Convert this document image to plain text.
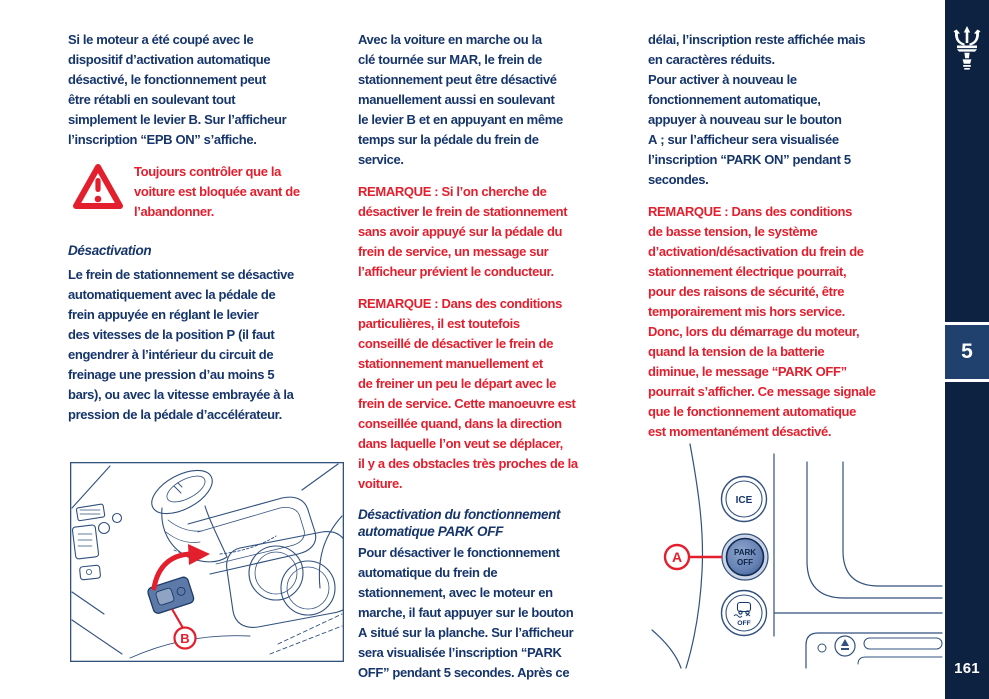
Si le moteur a été coupé avec le
dispositif d’activation automatique
désactivé, le fonctionnement peut
être rétabli en soulevant tout
simplement le levier B. Sur l’afficheur
l’inscription “EPB ON” s’affiche.

Toujours contrôler que la
voiture est bloquée avant de
l’abandonner.
Désactivation

Le frein de stationnement se désactive
automatiquement avec la pédale de
frein appuyée en réglant le levier
des vitesses de la position P (il faut
engendrer à l’intérieur du circuit de
freinage une pression d’au moins 5
bars), ou avec la vitesse embrayée à la
pression de la pédale d’accélérateur.

Avec la voiture en marche ou la
clé tournée sur MAR, le frein de
stationnement peut être désactivé
manuellement aussi en soulevant
le levier B et en appuyant en même
temps sur la pédale du frein de
service.

REMARQUE : Si l’on cherche de
désactiver le frein de stationnement
sans avoir appuyé sur la pédale du
frein de service, un message sur
l’afficheur prévient le conducteur.

REMARQUE : Dans des conditions
particulières, il est toutefois
conseillé de désactiver le frein de
stationnement manuellement et
de freiner un peu le départ avec le
frein de service. Cette manoeuvre est
conseillée quand, dans la direction
dans laquelle l’on veut se déplacer,
il y a des obstacles très proches de la
voiture.

Désactivation du fonctionnement
automatique PARK OFF

Pour désactiver le fonctionnement
automatique du frein de
stationnement, avec le moteur en
marche, il faut appuyer sur le bouton
A situé sur la planche. Sur l’afficheur
sera visualisée l’inscription “PARK
OFF” pendant 5 secondes. Après ce

délai, l’inscription reste affichée mais
en caractères réduits.
Pour activer à nouveau le
fonctionnement automatique,
appuyer à nouveau sur le bouton
A ; sur l’afficheur sera visualisée
l’inscription “PARK ON” pendant 5
secondes.

REMARQUE : Dans des conditions
de basse tension, le système
d’activation/désactivation du frein de
stationnement électrique pourrait,
pour des raisons de sécurité, être
temporairement mis hors service.
Donc, lors du démarrage du moteur,
quand la tension de la batterie
diminue, le message “PARK OFF”
pourrait s’afficher. Ce message signale
que le fonctionnement automatique
est momentanément désactivé.

B
ICE
PARK
OFF
OFF
A
5
161
